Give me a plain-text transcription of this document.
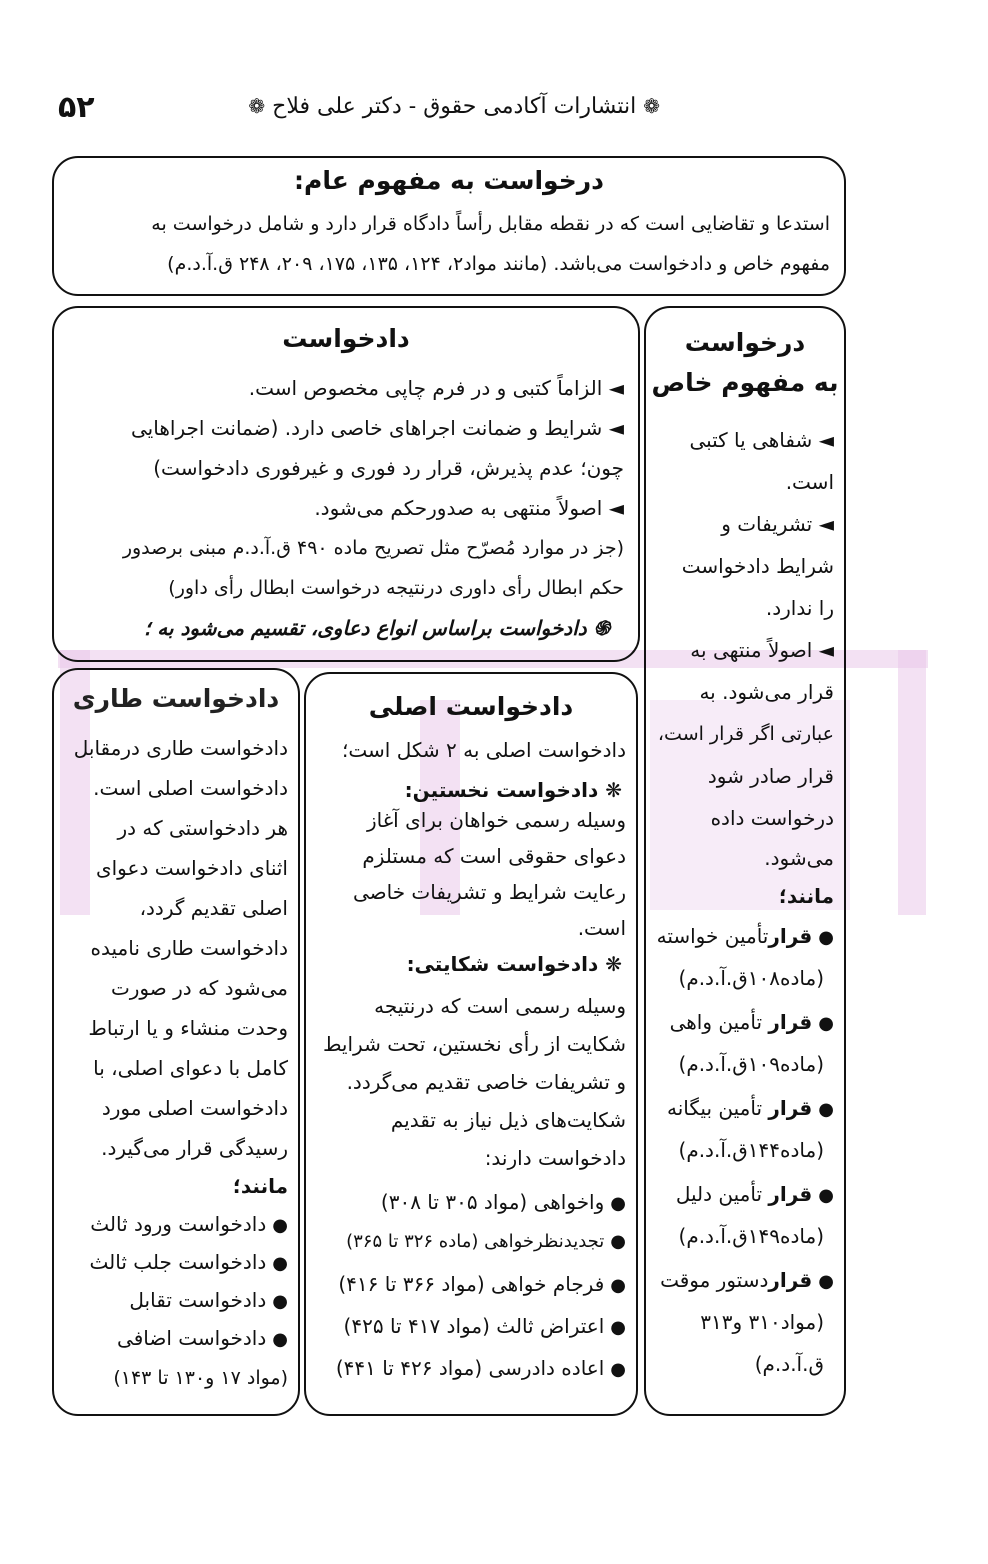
۵۲	❁ انتشارات آکادمی حقوق - دکتر علی فلاح ❁
درخواست به مفهوم عام:
استدعا و تقاضایی است که در نقطه مقابل رأساً دادگاه قرار دارد و شامل درخواست به
مفهوم خاص و دادخواست می‌باشد. (مانند مواد۲، ۱۲۴، ۱۳۵، ۱۷۵، ۲۰۹، ۲۴۸ ق.آ.د.م)
دادخواست
◄ الزاماً کتبی و در فرم چاپی مخصوص است.
◄ شرایط و ضمانت اجراهای خاصی دارد. (ضمانت اجراهایی
چون؛ عدم پذیرش، قرار رد فوری و غیرفوری دادخواست)
◄ اصولاً منتهی به صدورحکم می‌شود.
(جز در موارد مُصرّح مثل تصریح ماده ۴۹۰ ق.آ.د.م مبنی برصدور
حکم ابطال رأی داوری درنتیجه درخواست ابطال رأی داور)
֍ دادخواست براساس انواع دعاوی، تقسیم می‌شود به ؛
درخواست
به مفهوم خاص
◄ شفاهی یا کتبی
است.
◄ تشریفات و
شرایط دادخواست
را ندارد.
◄ اصولاً منتهی به
قرار می‌شود. به
عبارتی اگر قرار است،
قرار صادر شود
درخواست داده
می‌شود.
مانند؛
●قرارتأمین خواسته
(ماده۱۰۸ق.آ.د.م)
●قرار تأمین واهی
(ماده۱۰۹ق.آ.د.م)
●قرار تأمین بیگانه
(ماده۱۴۴ق.آ.د.م)
●قرار تأمین دلیل
(ماده۱۴۹ق.آ.د.م)
●قراردستور موقت
(مواد۳۱۰ و۳۱۳
ق.آ.د.م)
دادخواست طاری
دادخواست طاری درمقابل
دادخواست اصلی است.
هر دادخواستی که در
اثنای دادخواست دعوای
اصلی تقدیم گردد،
دادخواست طاری نامیده
می‌شود که در صورت
وحدت منشاء و یا ارتباط
کامل با دعوای اصلی، با
دادخواست اصلی مورد
رسیدگی قرار می‌گیرد.
مانند؛
●دادخواست ورود ثالث
●دادخواست جلب ثالث
●دادخواست تقابل
●دادخواست اضافی
(مواد ۱۷ و۱۳۰ تا ۱۴۳)
دادخواست اصلی
دادخواست اصلی به ۲ شکل است؛
❋ دادخواست نخستین:
وسیله رسمی خواهان برای آغاز
دعوای حقوقی است که مستلزم
رعایت شرایط و تشریفات خاصی
است.
❋ دادخواست شکایتی:
وسیله رسمی است که درنتیجه
شکایت از رأی نخستین، تحت شرایط
و تشریفات خاصی تقدیم می‌گردد.
شکایت‌های ذیل نیاز به تقدیم
دادخواست دارند:
●واخواهی (مواد ۳۰۵ تا ۳۰۸)
●تجدیدنظرخواهی (ماده ۳۲۶ تا ۳۶۵)
●فرجام خواهی (مواد ۳۶۶ تا ۴۱۶)
●اعتراض ثالث (مواد ۴۱۷ تا ۴۲۵)
●اعاده دادرسی (مواد ۴۲۶ تا ۴۴۱)
